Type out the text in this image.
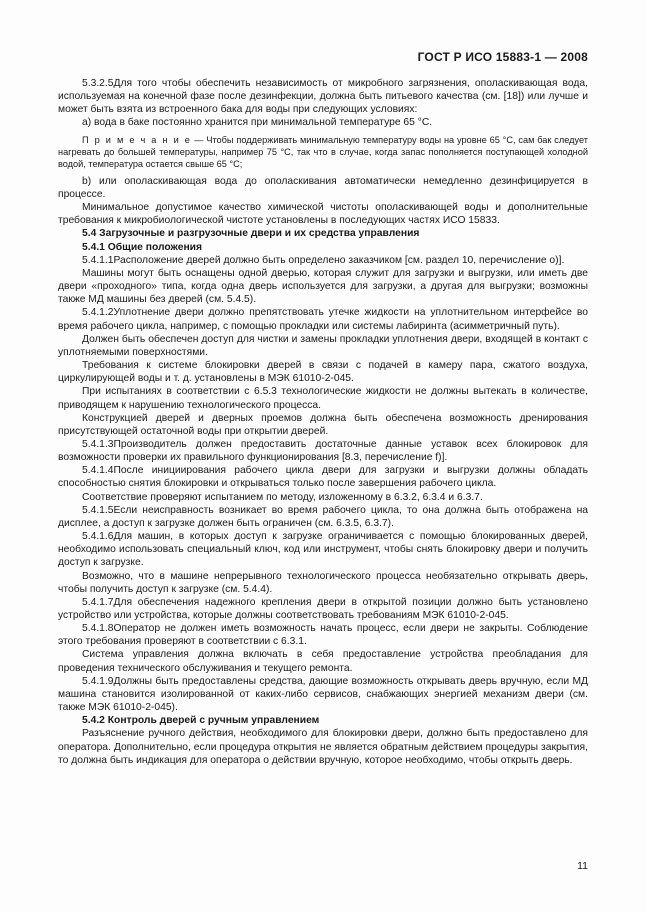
ГОСТ Р ИСО 15883-1 — 2008

5.3.2.5Для того чтобы обеспечить независимость от микробного загрязнения, ополаскивающая вода, используемая на конечной фазе после дезинфекции, должна быть питьевого качества (см. [18]) или лучше и может быть взята из встроенного бака для воды при следующих условиях:

a) вода в баке постоянно хранится при минимальной температуре 65 °С.

П р и м е ч а н и е — Чтобы поддерживать минимальную температуру воды на уровне 65 °С, сам бак следует нагревать до большей температуры, например 75 °С, так что в случае, когда запас пополняется поступающей холодной водой, температура остается свыше 65 °С;

b) или ополаскивающая вода до ополаскивания автоматически немедленно дезинфицируется в процессе.

Минимальное допустимое качество химической чистоты ополаскивающей воды и дополнительные требования к микробиологической чистоте установлены в последующих частях ИСО 15833.

5.4 Загрузочные и разгрузочные двери и их средства управления

5.4.1 Общие положения

5.4.1.1Расположение дверей должно быть определено заказчиком [см. раздел 10, перечисление о)].

Машины могут быть оснащены одной дверью, которая служит для загрузки и выгрузки, или иметь две двери «проходного» типа, когда одна дверь используется для загрузки, а другая для выгрузки; возможны также МД машины без дверей (см. 5.4.5).

5.4.1.2Уплотнение двери должно препятствовать утечке жидкости на уплотнительном интерфейсе во время рабочего цикла, например, с помощью прокладки или системы лабиринта (асимметричный путь).

Должен быть обеспечен доступ для чистки и замены прокладки уплотнения двери, входящей в контакт с уплотняемыми поверхностями.

Требования к системе блокировки дверей в связи с подачей в камеру пара, сжатого воздуха, циркулирующей воды и т. д. установлены в МЭК 61010-2-045.

При испытаниях в соответствии с 6.5.3 технологические жидкости не должны вытекать в количестве, приводящем к нарушению технологического процесса.

Конструкцией дверей и дверных проемов должна быть обеспечена возможность дренирования присутствующей остаточной воды при открытии дверей.

5.4.1.3Производитель должен предоставить достаточные данные уставок всех блокировок для возможности проверки их правильного функционирования [8.3, перечисление f)].

5.4.1.4После инициирования рабочего цикла двери для загрузки и выгрузки должны обладать способностью снятия блокировки и открываться только после завершения рабочего цикла.

Соответствие проверяют испытанием по методу, изложенному в 6.3.2, 6.3.4 и 6.3.7.

5.4.1.5Если неисправность возникает во время рабочего цикла, то она должна быть отображена на дисплее, а доступ к загрузке должен быть ограничен (см. 6.3.5, 6.3.7).

5.4.1.6Для машин, в которых доступ к загрузке ограничивается с помощью блокированных дверей, необходимо использовать специальный ключ, код или инструмент, чтобы снять блокировку двери и получить доступ к загрузке.

Возможно, что в машине непрерывного технологического процесса необязательно открывать дверь, чтобы получить доступ к загрузке (см. 5.4.4).

5.4.1.7Для обеспечения надежного крепления двери в открытой позиции должно быть установлено устройство или устройства, которые должны соответствовать требованиям МЭК 61010-2-045.

5.4.1.8Оператор не должен иметь возможность начать процесс, если двери не закрыты. Соблюдение этого требования проверяют в соответствии с 6.3.1.

Система управления должна включать в себя предоставление устройства преобладания для проведения технического обслуживания и текущего ремонта.

5.4.1.9Должны быть предоставлены средства, дающие возможность открывать дверь вручную, если МД машина становится изолированной от каких-либо сервисов, снабжающих энергией механизм двери (см. также МЭК 61010-2-045).

5.4.2 Контроль дверей с ручным управлением

Разъяснение ручного действия, необходимого для блокировки двери, должно быть предоставлено для оператора. Дополнительно, если процедура открытия не является обратным действием процедуры закрытия, то должна быть индикация для оператора о действии вручную, которое необходимо, чтобы открыть дверь.

11
